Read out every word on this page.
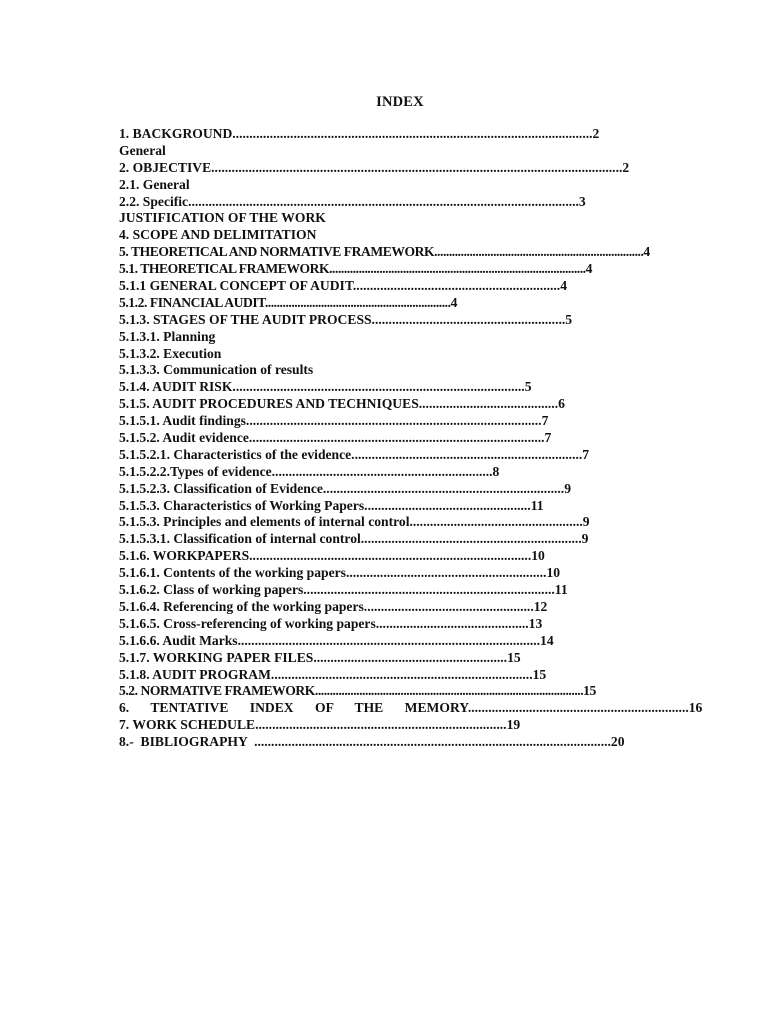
INDEX
1. BACKGROUND..........................................................................................................2
General
2. OBJECTIVE.........................................................................................................................2
2.1. General
2.2. Specific...................................................................................................................3
JUSTIFICATION OF THE WORK
4. SCOPE AND DELIMITATION
5. THEORETICAL AND NORMATIVE FRAMEWORK.......................................................................4
5.1. THEORETICAL FRAMEWORK.......................................................................................4
5.1.1 GENERAL CONCEPT OF AUDIT.............................................................4
5.1.2. FINANCIAL AUDIT...............................................................4
5.1.3. STAGES OF THE AUDIT PROCESS.........................................................5
5.1.3.1. Planning
5.1.3.2. Execution
5.1.3.3. Communication of results
5.1.4. AUDIT RISK......................................................................................5
5.1.5. AUDIT PROCEDURES AND TECHNIQUES.........................................6
5.1.5.1. Audit findings.......................................................................................7
5.1.5.2. Audit evidence.......................................................................................7
5.1.5.2.1. Characteristics of the evidence....................................................................7
5.1.5.2.2.Types of evidence.................................................................8
5.1.5.2.3. Classification of Evidence.......................................................................9
5.1.5.3. Characteristics of Working Papers.................................................11
5.1.5.3. Principles and elements of internal control...................................................9
5.1.5.3.1. Classification of internal control.................................................................9
5.1.6. WORKPAPERS...................................................................................10
5.1.6.1. Contents of the working papers...........................................................10
5.1.6.2. Class of working papers..........................................................................11
5.1.6.4. Referencing of the working papers..................................................12
5.1.6.5. Cross-referencing of working papers.............................................13
5.1.6.6. Audit Marks.........................................................................................14
5.1.7. WORKING PAPER FILES.........................................................15
5.1.8. AUDIT PROGRAM.............................................................................15
5.2. NORMATIVE FRAMEWORK...........................................................................................15
6. TENTATIVE INDEX OF THE MEMORY.................................................................16
7. WORK SCHEDULE..........................................................................19
8.-  BIBLIOGRAPHY  .........................................................................................................20
